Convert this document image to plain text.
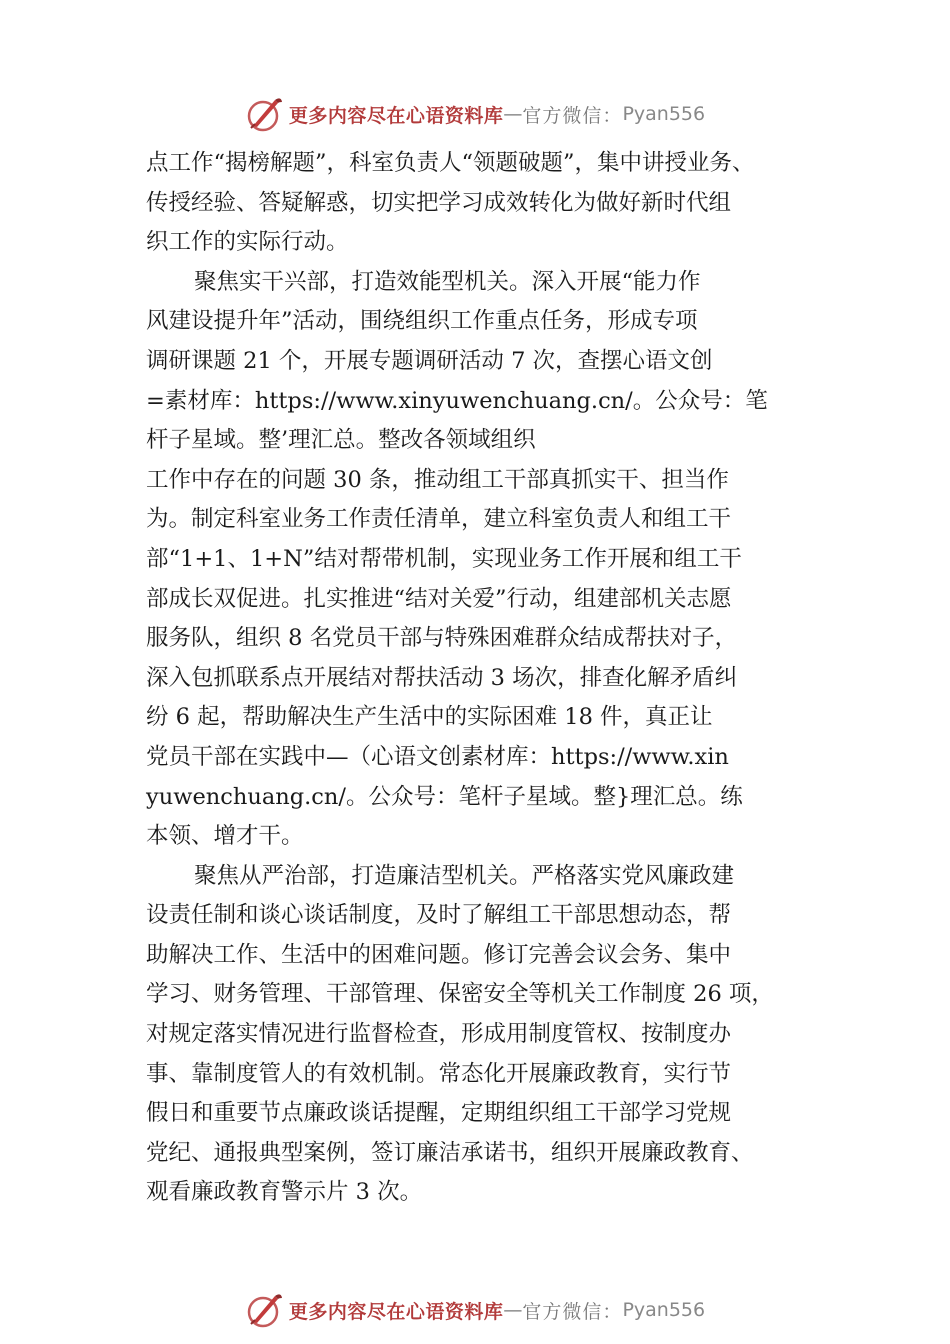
更多内容尽在心语资料库 — 官方微信： Pyan556
点工作“揭榜解题”，科室负责人“领题破题”，集中讲授业务、
传授经验、答疑解惑，切实把学习成效转化为做好新时代组
织工作的实际行动。
聚焦实干兴部，打造效能型机关。深入开展“能力作
风建设提升年”活动，围绕组织工作重点任务，形成专项
调研课题 21 个，开展专题调研活动 7 次，查摆心语文创
=素材库：https://www.xinyuwenchuang.cn/。公众号：笔
杆子星域。整’理汇总。整改各领域组织
工作中存在的问题 30 条，推动组工干部真抓实干、担当作
为。制定科室业务工作责任清单，建立科室负责人和组工干
部“1+1、1+N”结对帮带机制，实现业务工作开展和组工干
部成长双促进。扎实推进“结对关爱”行动，组建部机关志愿
服务队，组织 8 名党员干部与特殊困难群众结成帮扶对子，
深入包抓联系点开展结对帮扶活动 3 场次，排查化解矛盾纠
纷 6 起，帮助解决生产生活中的实际困难 18 件，真正让
党员干部在实践中—（心语文创素材库：https://www.xin
yuwenchuang.cn/。公众号：笔杆子星域。整}理汇总。练
本领、增才干。
聚焦从严治部，打造廉洁型机关。严格落实党风廉政建
设责任制和谈心谈话制度，及时了解组工干部思想动态，帮
助解决工作、生活中的困难问题。修订完善会议会务、集中
学习、财务管理、干部管理、保密安全等机关工作制度 26 项，
对规定落实情况进行监督检查，形成用制度管权、按制度办
事、靠制度管人的有效机制。常态化开展廉政教育，实行节
假日和重要节点廉政谈话提醒，定期组织组工干部学习党规
党纪、通报典型案例，签订廉洁承诺书，组织开展廉政教育、
观看廉政教育警示片 3 次。
更多内容尽在心语资料库 — 官方微信： Pyan556
